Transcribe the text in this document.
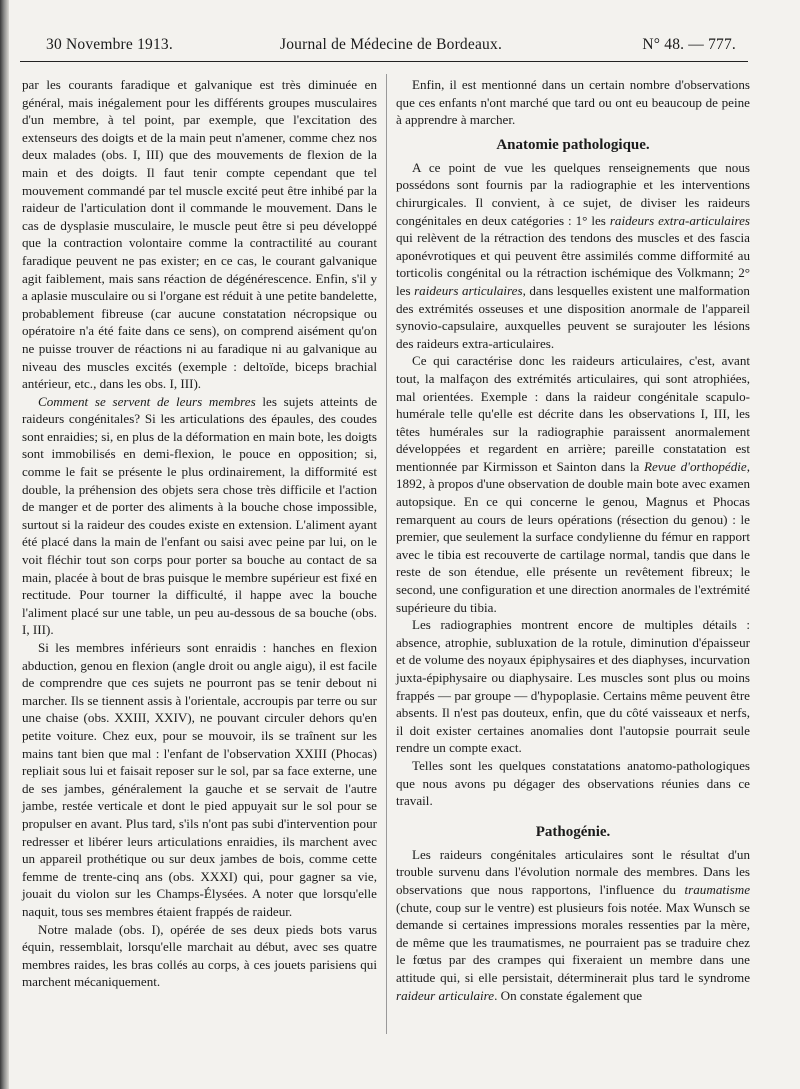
30 Novembre 1913.	Journal de Médecine de Bordeaux.	N° 48. — 777.

par les courants faradique et galvanique est très diminuée en général, mais inégalement pour les différents groupes musculaires d'un membre, à tel point, par exemple, que l'excitation des extenseurs des doigts et de la main peut n'amener, comme chez nos deux malades (obs. I, III) que des mouvements de flexion de la main et des doigts. Il faut tenir compte cependant que tel mouvement commandé par tel muscle excité peut être inhibé par la raideur de l'articulation dont il commande le mouvement. Dans le cas de dysplasie musculaire, le muscle peut être si peu développé que la contraction volontaire comme la contractilité au courant faradique peuvent ne pas exister; en ce cas, le courant galvanique agit faiblement, mais sans réaction de dégénérescence. Enfin, s'il y a aplasie musculaire ou si l'organe est réduit à une petite bandelette, probablement fibreuse (car aucune constatation nécropsique ou opératoire n'a été faite dans ce sens), on comprend aisément qu'on ne puisse trouver de réactions ni au faradique ni au galvanique au niveau des muscles excités (exemple : deltoïde, biceps brachial antérieur, etc., dans les obs. I, III).

Comment se servent de leurs membres les sujets atteints de raideurs congénitales? Si les articulations des épaules, des coudes sont enraidies; si, en plus de la déformation en main bote, les doigts sont immobilisés en demi-flexion, le pouce en opposition; si, comme le fait se présente le plus ordinairement, la difformité est double, la préhension des objets sera chose très difficile et l'action de manger et de porter des aliments à la bouche chose impossible, surtout si la raideur des coudes existe en extension. L'aliment ayant été placé dans la main de l'enfant ou saisi avec peine par lui, on le voit fléchir tout son corps pour porter sa bouche au contact de sa main, placée à bout de bras puisque le membre supérieur est fixé en rectitude. Pour tourner la difficulté, il happe avec la bouche l'aliment placé sur une table, un peu au-dessous de sa bouche (obs. I, III).

Si les membres inférieurs sont enraidis : hanches en flexion abduction, genou en flexion (angle droit ou angle aigu), il est facile de comprendre que ces sujets ne pourront pas se tenir debout ni marcher. Ils se tiennent assis à l'orientale, accroupis par terre ou sur une chaise (obs. XXIII, XXIV), ne pouvant circuler dehors qu'en petite voiture. Chez eux, pour se mouvoir, ils se traînent sur les mains tant bien que mal : l'enfant de l'observation XXIII (Phocas) repliait sous lui et faisait reposer sur le sol, par sa face externe, une de ses jambes, généralement la gauche et se servait de l'autre jambe, restée verticale et dont le pied appuyait sur le sol pour se propulser en avant. Plus tard, s'ils n'ont pas subi d'intervention pour redresser et libérer leurs articulations enraidies, ils marchent avec un appareil prothétique ou sur deux jambes de bois, comme cette femme de trente-cinq ans (obs. XXXI) qui, pour gagner sa vie, jouait du violon sur les Champs-Élysées. A noter que lorsqu'elle naquit, tous ses membres étaient frappés de raideur.

Notre malade (obs. I), opérée de ses deux pieds bots varus équin, ressemblait, lorsqu'elle marchait au début, avec ses quatre membres raides, les bras collés au corps, à ces jouets parisiens qui marchent mécaniquement.

Enfin, il est mentionné dans un certain nombre d'observations que ces enfants n'ont marché que tard ou ont eu beaucoup de peine à apprendre à marcher.

Anatomie pathologique.

A ce point de vue les quelques renseignements que nous possédons sont fournis par la radiographie et les interventions chirurgicales. Il convient, à ce sujet, de diviser les raideurs congénitales en deux catégories : 1° les raideurs extra-articulaires qui relèvent de la rétraction des tendons des muscles et des fascia aponévrotiques et qui peuvent être assimilés comme difformité au torticolis congénital ou la rétraction ischémique des Volkmann; 2° les raideurs articulaires, dans lesquelles existent une malformation des extrémités osseuses et une disposition anormale de l'appareil synovio-capsulaire, auxquelles peuvent se surajouter les lésions des raideurs extra-articulaires.

Ce qui caractérise donc les raideurs articulaires, c'est, avant tout, la malfaçon des extrémités articulaires, qui sont atrophiées, mal orientées. Exemple : dans la raideur congénitale scapulo-humérale telle qu'elle est décrite dans les observations I, III, les têtes humérales sur la radiographie paraissent anormalement développées et regardent en arrière; pareille constatation est mentionnée par Kirmisson et Sainton dans la Revue d'orthopédie, 1892, à propos d'une observation de double main bote avec examen autopsique. En ce qui concerne le genou, Magnus et Phocas remarquent au cours de leurs opérations (résection du genou) : le premier, que seulement la surface condylienne du fémur en rapport avec le tibia est recouverte de cartilage normal, tandis que dans le reste de son étendue, elle présente un revêtement fibreux; le second, une configuration et une direction anormales de l'extrémité supérieure du tibia.

Les radiographies montrent encore de multiples détails : absence, atrophie, subluxation de la rotule, diminution d'épaisseur et de volume des noyaux épiphysaires et des diaphyses, incurvation juxta-épiphysaire ou diaphysaire. Les muscles sont plus ou moins frappés — par groupe — d'hypoplasie. Certains même peuvent être absents. Il n'est pas douteux, enfin, que du côté vaisseaux et nerfs, il doit exister certaines anomalies dont l'autopsie pourrait seule rendre un compte exact.

Telles sont les quelques constatations anatomo-pathologiques que nous avons pu dégager des observations réunies dans ce travail.

Pathogénie.

Les raideurs congénitales articulaires sont le résultat d'un trouble survenu dans l'évolution normale des membres. Dans les observations que nous rapportons, l'influence du traumatisme (chute, coup sur le ventre) est plusieurs fois notée. Max Wunsch se demande si certaines impressions morales ressenties par la mère, de même que les traumatismes, ne pourraient pas se traduire chez le fœtus par des crampes qui fixeraient un membre dans une attitude qui, si elle persistait, déterminerait plus tard le syndrome raideur articulaire. On constate également que
